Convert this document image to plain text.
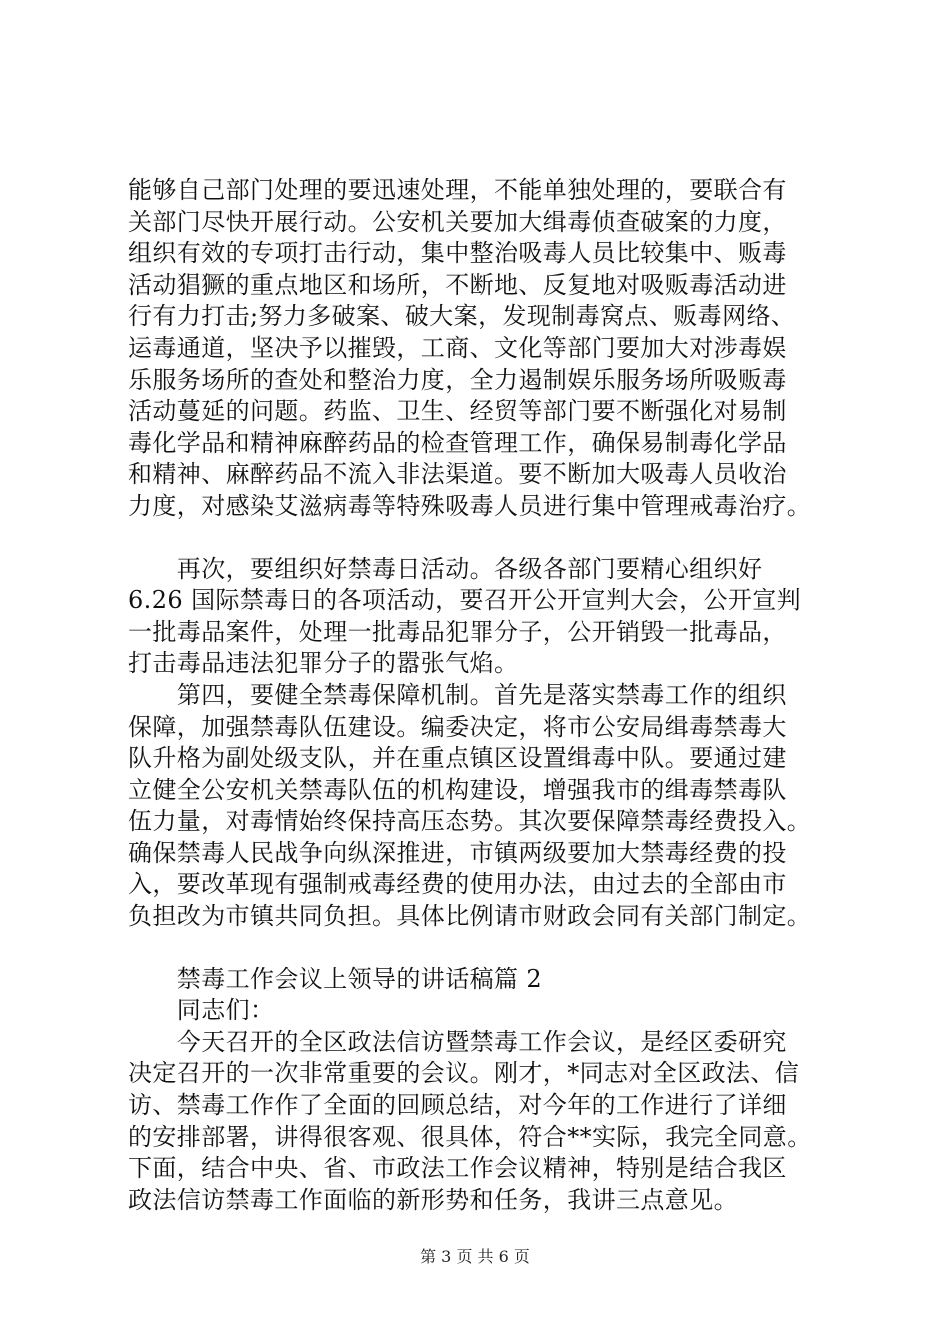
能够自己部门处理的要迅速处理，不能单独处理的，要联合有
关部门尽快开展行动。公安机关要加大缉毒侦查破案的力度，
组织有效的专项打击行动，集中整治吸毒人员比较集中、贩毒
活动猖獗的重点地区和场所，不断地、反复地对吸贩毒活动进
行有力打击;努力多破案、破大案，发现制毒窝点、贩毒网络、
运毒通道，坚决予以摧毁，工商、文化等部门要加大对涉毒娱
乐服务场所的查处和整治力度，全力遏制娱乐服务场所吸贩毒
活动蔓延的问题。药监、卫生、经贸等部门要不断强化对易制
毒化学品和精神麻醉药品的检查管理工作，确保易制毒化学品
和精神、麻醉药品不流入非法渠道。要不断加大吸毒人员收治
力度，对感染艾滋病毒等特殊吸毒人员进行集中管理戒毒治疗。
　　再次，要组织好禁毒日活动。各级各部门要精心组织好
6.26 国际禁毒日的各项活动，要召开公开宣判大会，公开宣判
一批毒品案件，处理一批毒品犯罪分子，公开销毁一批毒品，
打击毒品违法犯罪分子的嚣张气焰。
　　第四，要健全禁毒保障机制。首先是落实禁毒工作的组织
保障，加强禁毒队伍建设。编委决定，将市公安局缉毒禁毒大
队升格为副处级支队，并在重点镇区设置缉毒中队。要通过建
立健全公安机关禁毒队伍的机构建设，增强我市的缉毒禁毒队
伍力量，对毒情始终保持高压态势。其次要保障禁毒经费投入。
确保禁毒人民战争向纵深推进，市镇两级要加大禁毒经费的投
入，要改革现有强制戒毒经费的使用办法，由过去的全部由市
负担改为市镇共同负担。具体比例请市财政会同有关部门制定。
　　禁毒工作会议上领导的讲话稿篇 2
　　同志们：
　　今天召开的全区政法信访暨禁毒工作会议，是经区委研究
决定召开的一次非常重要的会议。刚才，*同志对全区政法、信
访、禁毒工作作了全面的回顾总结，对今年的工作进行了详细
的安排部署，讲得很客观、很具体，符合**实际，我完全同意。
下面，结合中央、省、市政法工作会议精神，特别是结合我区
政法信访禁毒工作面临的新形势和任务，我讲三点意见。
第 3 页 共 6 页
